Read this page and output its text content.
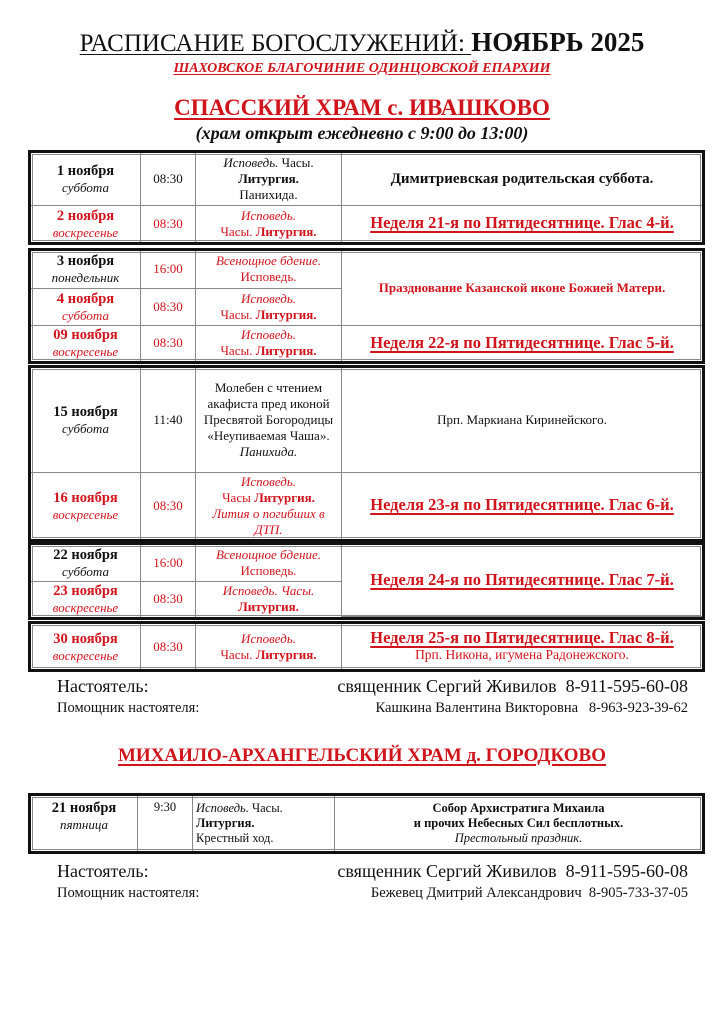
РАСПИСАНИЕ БОГОСЛУЖЕНИЙ: НОЯБРЬ 2025
ШАХОВСКОЕ БЛАГОЧИНИЕ ОДИНЦОВСКОЙ ЕПАРХИИ
СПАССКИЙ ХРАМ с. ИВАШКОВО
(храм открыт ежедневно с 9:00 до 13:00)
1 ноября
суббота	08:30	Исповедь. Часы.
Литургия.
Панихида.	Димитриевская родительская суббота.

2 ноября
воскресенье	08:30	Исповедь.
Часы. Литургия.	Неделя 21-я по Пятидесятнице. Глас 4-й.
3 ноября
понедельник	16:00	Всенощное бдение.
Исповедь.	Празднование Казанской иконе Божией Матери.

4 ноября
суббота	08:30	Исповедь.
Часы. Литургия.	

09 ноября
воскресенье	08:30	Исповедь.
Часы. Литургия.	Неделя 22-я по Пятидесятнице. Глас 5-й.
15 ноября
суббота	11:40	Молебен с чтением акафиста пред иконой Пресвятой Богородицы «Неупиваемая Чаша». Панихида.	Прп. Маркиана Киринейского.

16 ноября
воскресенье	08:30	Исповедь.
Часы Литургия.
Лития о погибших в ДТП.	Неделя 23-я по Пятидесятнице. Глас 6-й.
22 ноября
суббота	16:00	Всенощное бдение.
Исповедь.	Неделя 24-я по Пятидесятнице. Глас 7-й.

23 ноября
воскресенье	08:30	Исповедь. Часы.
Литургия.	
30 ноября
воскресенье
	08:30	Исповедь.
Часы. Литургия.	Неделя 25-я по Пятидесятнице. Глас 8-й.
Прп. Никона, игумена Радонежского.
Настоятель:	священник Сергий Живилов  8-911-595-60-08
Помощник настоятеля:	Кашкина Валентина Викторовна   8-963-923-39-62
МИХАИЛО-АРХАНГЕЛЬСКИЙ ХРАМ д. ГОРОДКОВО
21 ноября
пятница
	9:30	Исповедь. Часы.
Литургия.
Крестный ход.	
Собор Архистратига Михаила
и прочих Небесных Сил бесплотных.
Престольный праздник.
Настоятель:	священник Сергий Живилов  8-911-595-60-08
Помощник настоятеля:	Бежевец Дмитрий Александрович  8-905-733-37-05
